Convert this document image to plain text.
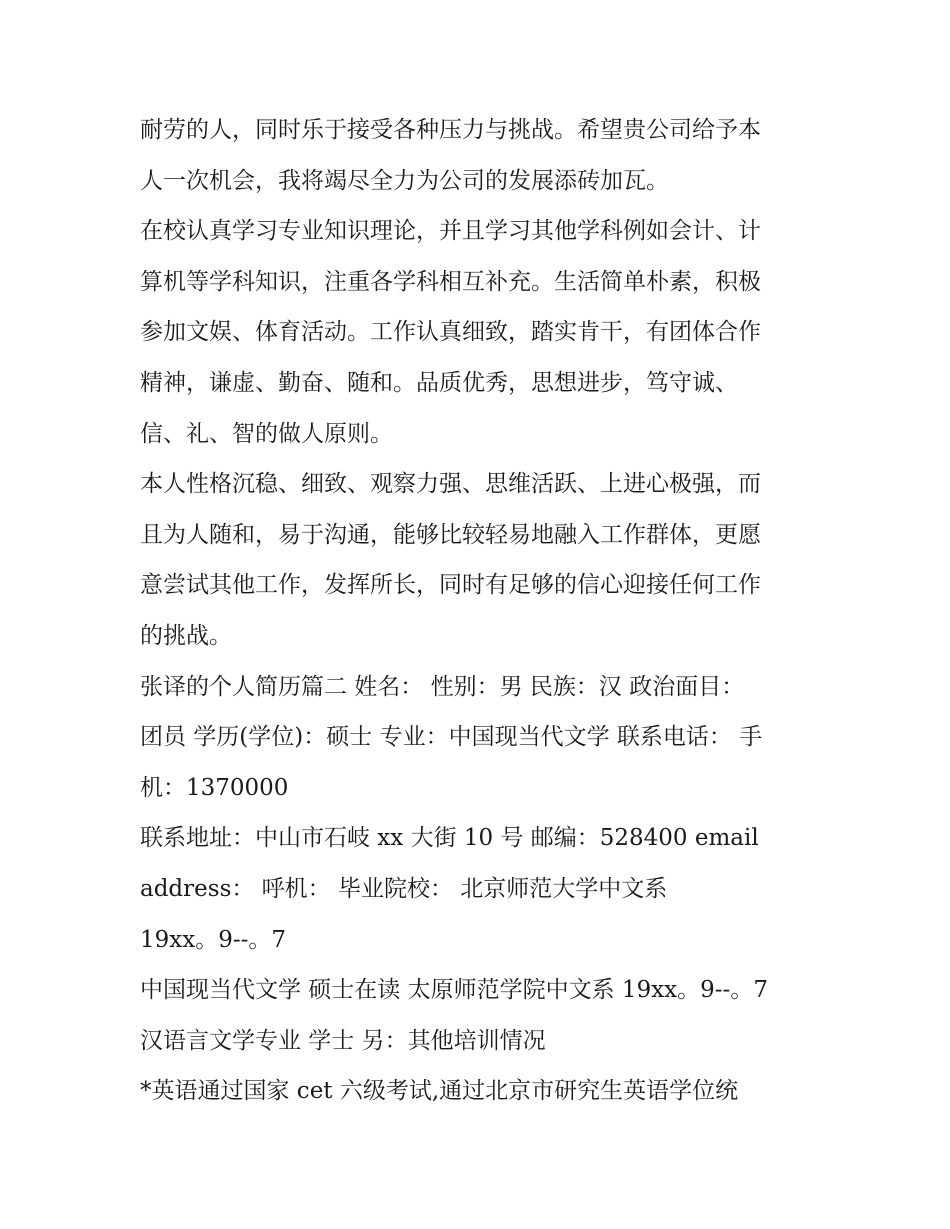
耐劳的人，同时乐于接受各种压力与挑战。希望贵公司给予本
人一次机会，我将竭尽全力为公司的发展添砖加瓦。
在校认真学习专业知识理论，并且学习其他学科例如会计、计
算机等学科知识，注重各学科相互补充。生活简单朴素，积极
参加文娱、体育活动。工作认真细致，踏实肯干，有团体合作
精神，谦虚、勤奋、随和。品质优秀，思想进步，笃守诚、
信、礼、智的做人原则。
本人性格沉稳、细致、观察力强、思维活跃、上进心极强，而
且为人随和，易于沟通，能够比较轻易地融入工作群体，更愿
意尝试其他工作，发挥所长，同时有足够的信心迎接任何工作
的挑战。
张译的个人简历篇二 姓名： 性别：男 民族：汉 政治面目：
团员 学历(学位)：硕士 专业：中国现当代文学 联系电话： 手
机：1370000
联系地址：中山市石岐 xx 大街 10 号 邮编：528400 email
address： 呼机： 毕业院校： 北京师范大学中文系
19xx。9--。7
中国现当代文学 硕士在读 太原师范学院中文系 19xx。9--。7
汉语言文学专业 学士 另：其他培训情况
*英语通过国家 cet 六级考试,通过北京市研究生英语学位统
